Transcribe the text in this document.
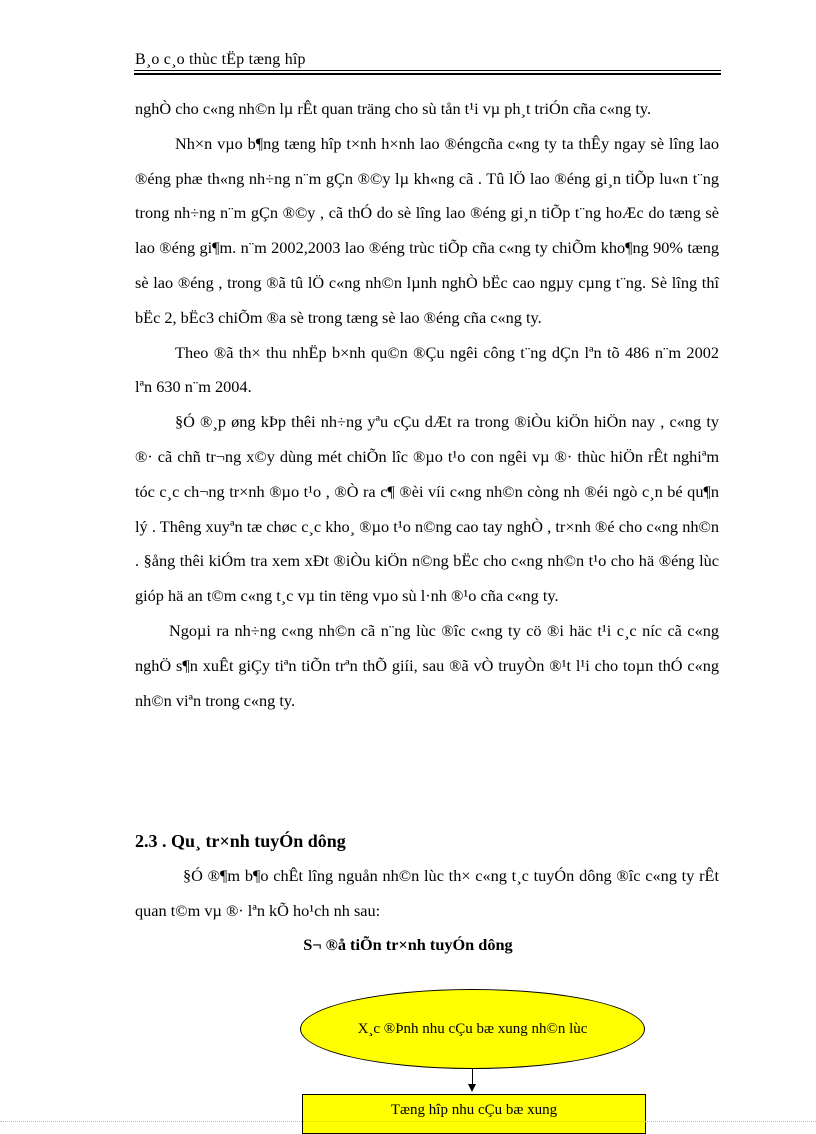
B¸o c¸o thùc tËp tæng hîp

nghÒ cho c«ng nh©n lµ rÊt quan träng cho sù tån t¹i vµ ph¸t triÓn cña c«ng ty.

Nh×n vµo b¶ng tæng hîp t×nh h×nh lao ®éngcña c«ng ty ta thÊy ngay sè lîng lao ®éng phæ th«ng nh÷ng n¨m gÇn ®©y lµ kh«ng cã . Tû lÖ lao ®éng gi¸n tiÕp lu«n t¨ng trong nh÷ng n¨m gÇn ®©y , cã thÓ do sè lîng lao ®éng gi¸n tiÕp t¨ng hoÆc do tæng sè lao ®éng gi¶m. n¨m 2002,2003 lao ®éng trùc tiÕp cña c«ng ty chiÕm kho¶ng 90% tæng sè lao ®éng , trong ®ã tû lÖ c«ng nh©n lµnh nghÒ bËc cao ngµy cµng t¨ng. Sè lîng thî bËc 2, bËc3 chiÕm ®a sè trong tæng sè lao ®éng cña c«ng ty.

Theo ®ã th× thu nhËp b×nh qu©n ®Çu ngêi công t¨ng dÇn lªn tõ 486 n¨m 2002 lªn 630 n¨m 2004.

§Ó ®¸p øng kÞp thêi nh÷ng yªu cÇu dÆt ra trong ®iÒu kiÖn hiÖn nay , c«ng ty ®· cã chñ tr¬ng x©y dùng mét chiÕn lîc ®µo t¹o con ngêi vµ ®· thùc hiÖn rÊt nghiªm tóc c¸c ch¬ng tr×nh ®µo t¹o , ®Ò ra c¶ ®èi víi c«ng nh©n còng nh ®éi ngò c¸n bé qu¶n lý . Thêng xuyªn tæ chøc c¸c kho¸ ®µo t¹o n©ng cao tay nghÒ , tr×nh ®é cho c«ng nh©n . §ång thêi kiÓm tra xem xÐt ®iÒu kiÖn n©ng bËc cho c«ng nh©n t¹o cho hä ®éng lùc gióp hä an t©m c«ng t¸c vµ tin tëng vµo sù l·nh ®¹o cña c«ng ty.

Ngoµi ra nh÷ng c«ng nh©n cã n¨ng lùc ®îc c«ng ty cö ®i häc t¹i c¸c níc cã c«ng nghÖ s¶n xuÊt giÇy tiªn tiÕn trªn thÕ giíi, sau ®ã vÒ truyÒn ®¹t l¹i cho toµn thÓ c«ng nh©n viªn trong c«ng ty.

2.3 . Qu¸ tr×nh tuyÓn dông

§Ó ®¶m b¶o chÊt lîng nguån nh©n lùc th× c«ng t¸c tuyÓn dông ®îc c«ng ty rÊt quan t©m vµ ®· lªn kÕ ho¹ch nh sau:

S¬ ®å tiÕn tr×nh tuyÓn dông
X¸c ®Þnh nhu cÇu bæ xung nh©n lùc
Tæng hîp nhu cÇu bæ xung
